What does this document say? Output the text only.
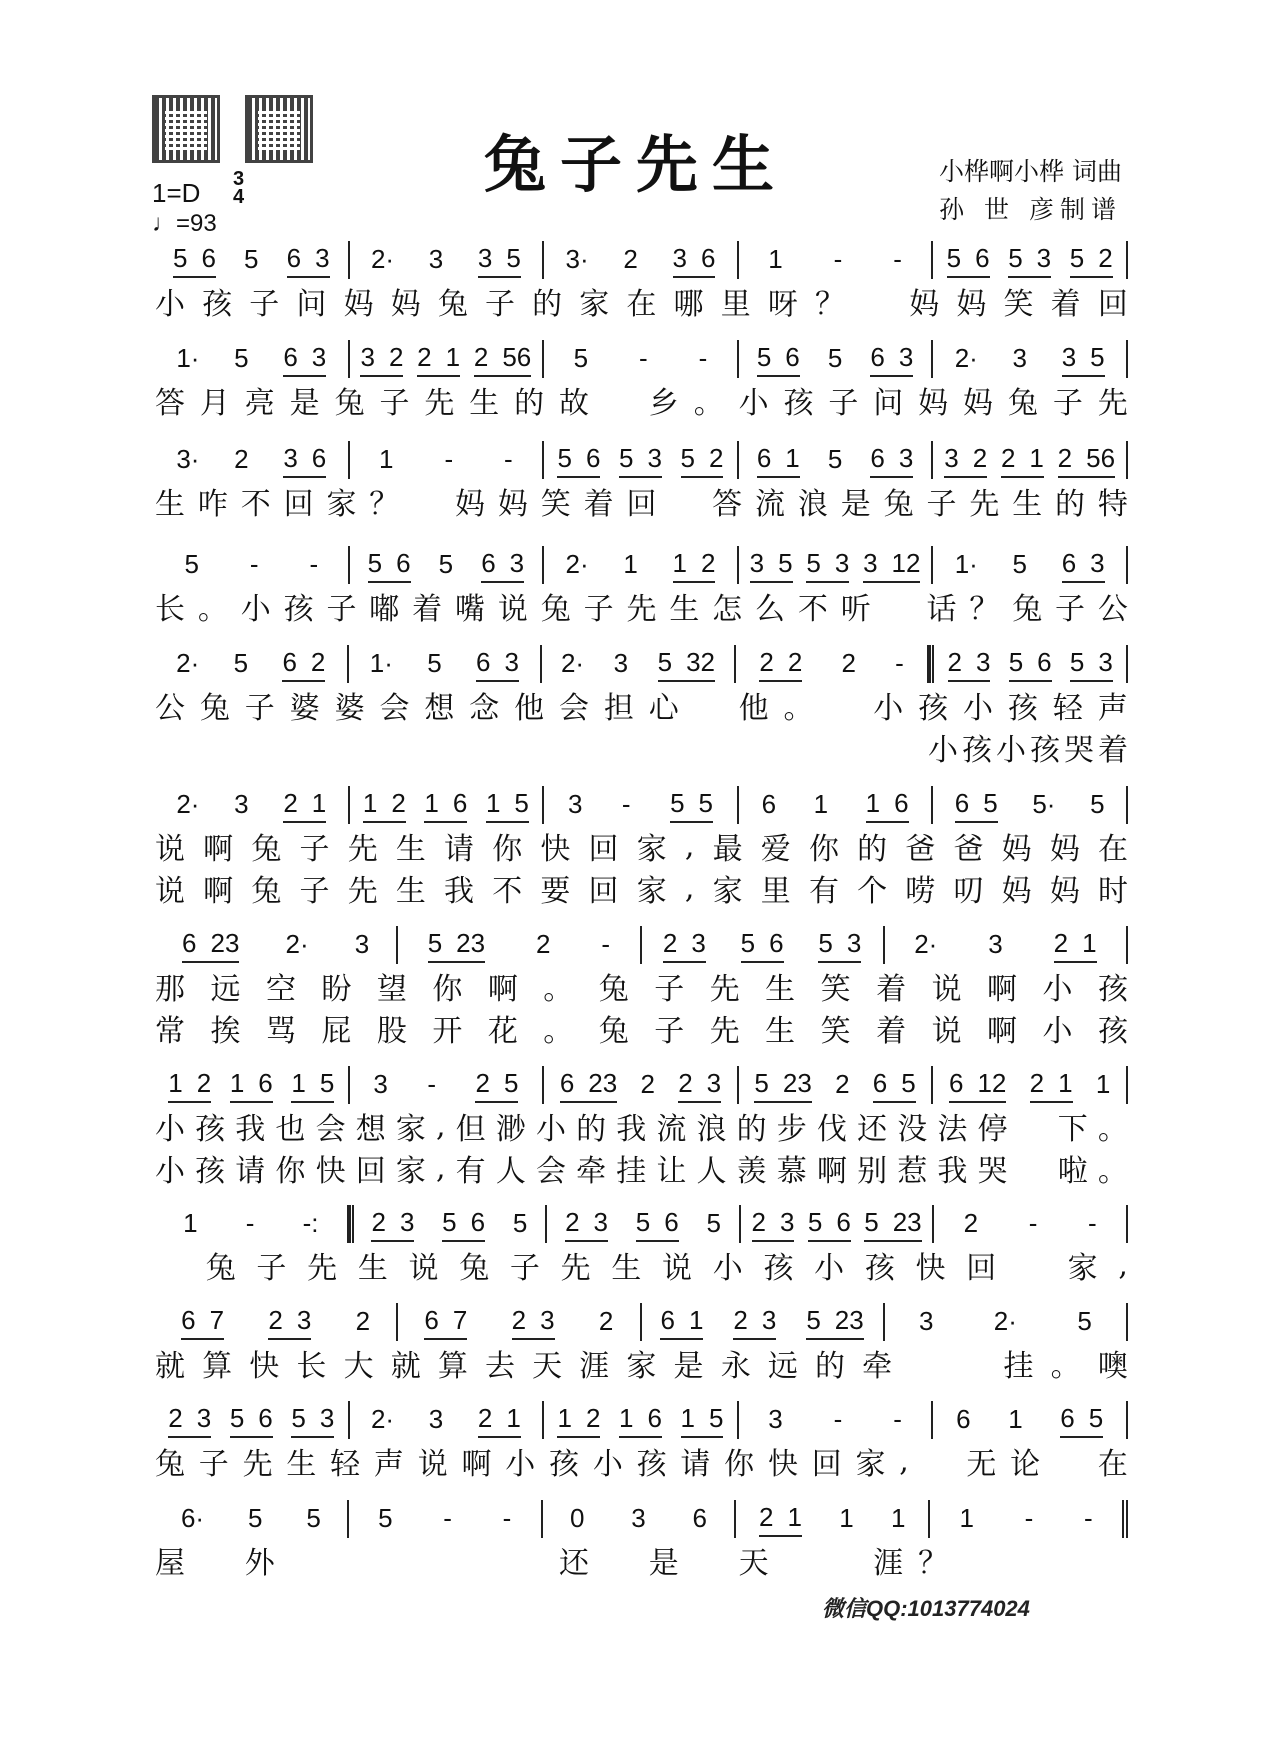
兔子先生	小桦啊小桦 词曲
孙 世 彦制谱
1=D 3
4
♩=93
5 6 5 6 3 2· 3 3 5 3· 2 3 6 1 - - 5 6 5 3 5 2
小 孩 子 问 妈 妈 兔 子 的 家 在 哪 里 呀 ？
　 妈 妈 笑 着 回
1· 5 6 3 3 2 2 1 2 56 5 - - 5 6 5 6 3 2· 3 3 5
答 月 亮 是 兔 子 先 生 的 故
　 乡 。 小 孩 子 问 妈 妈 兔 子 先
3· 2 3 6 1 - - 5 6 5 3 5 2 6 1 5 6 3 3 2 2 1 2 56
生 咋 不 回 家 ？
　 妈 妈 笑 着 回
　 答 流 浪 是 兔 子 先 生 的 特
5 - - 5 6 5 6 3 2· 1 1 2 3 5 5 3 3 12 1· 5 6 3
长 。 小 孩 子 嘟 着 嘴 说 兔 子 先 生 怎 么 不 听
　 话 ？ 兔 子 公
2· 5 6 2 1· 5 6 3 2· 3 5 32 2 2 2 - 2 3 5 6 5 3
公 兔 子 婆 婆 会 想 念 他 会 担 心
　 他 。
　 小 孩 小 孩 轻 声
小 孩 小 孩 哭 着
2· 3 2 1 1 2 1 6 1 5 3 - 5 5 6 1 1 6 6 5 5· 5
说 啊 兔 子 先 生 请 你 快 回 家 , 最 爱 你 的 爸 爸 妈 妈 在
说 啊 兔 子 先 生 我 不 要 回 家 , 家 里 有 个 唠 叨 妈 妈 时
6 23 2· 3 5 23 2 - 2 3 5 6 5 3 2· 3 2 1
那 远 空 盼 望 你 啊 。 兔 子 先 生 笑 着 说 啊 小 孩
常 挨 骂 屁 股 开 花 。 兔 子 先 生 笑 着 说 啊 小 孩
1 2 1 6 1 5 3 - 2 5 6 23 2 2 3 5 23 2 6 5 6 12 2 1 1
小 孩 我 也 会 想 家 , 但 渺 小 的 我 流 浪 的 步 伐 还 没 法 停
　 下 。
小 孩 请 你 快 回 家 , 有 人 会 牵 挂 让 人 羡 慕 啊 别 惹 我 哭
　 啦 。
1 - -: 2 3 5 6 5 2 3 5 6 5 2 3 5 6 5 23 2 - -

兔 子 先 生 说 兔 子 先 生 说 小 孩 小 孩 快 回
　 家 ,
6 7 2 3 2 6 7 2 3 2 6 1 2 3 5 23 3 2· 5
就 算 快 长 大 就 算 去 天 涯 家 是 永 远 的 牵

　	挂 。 噢
2 3 5 6 5 3 2· 3 2 1 1 2 1 6 1 5 3 - - 6 1 6 5
兔 子 先 生 轻 声 说 啊 小 孩 小 孩 请 你 快 回 家 ,
　 无 论
　 在
6· 5 5 5 - - 0 3 6 2 1 1 1 1 - -
屋
　 外

　	还
　 是
　 天

　	涯 ？

微信QQ:1013774024
